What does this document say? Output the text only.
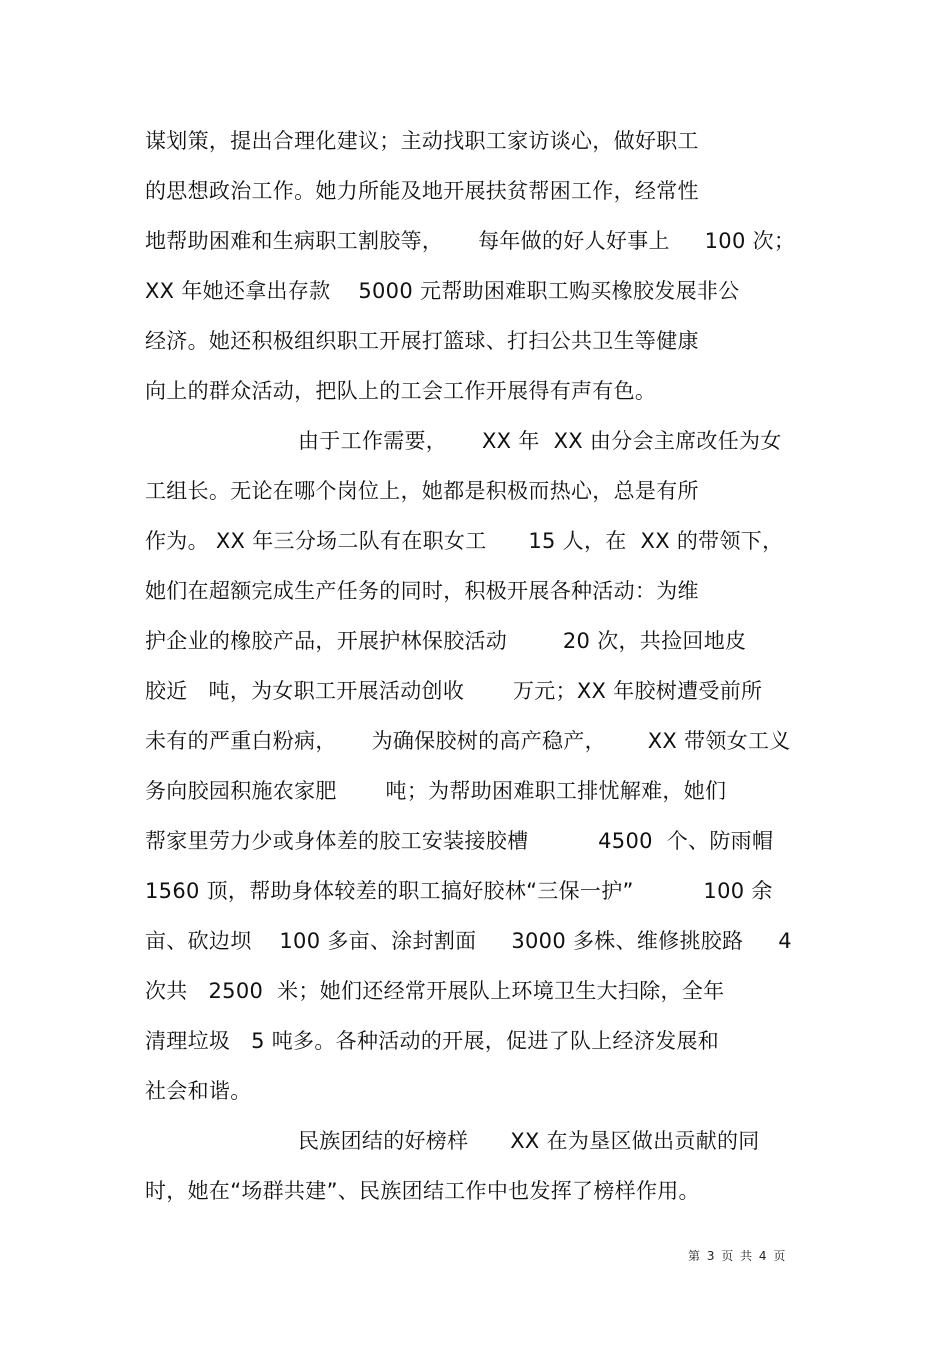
谋划策，提出合理化建议；主动找职工家访谈心，做好职工
的思想政治工作。她力所能及地开展扶贫帮困工作，经常性
地帮助困难和生病职工割胶等，     每年做的好人好事上     100 次；
XX 年她还拿出存款    5000 元帮助困难职工购买橡胶发展非公
经济。她还积极组织职工开展打篮球、打扫公共卫生等健康
向上的群众活动，把队上的工会工作开展得有声有色。
由于工作需要，     XX 年  XX 由分会主席改任为女
工组长。无论在哪个岗位上，她都是积极而热心，总是有所
作为。 XX 年三分场二队有在职女工      15 人，在  XX 的带领下，
她们在超额完成生产任务的同时，积极开展各种活动：为维
护企业的橡胶产品，开展护林保胶活动        20 次，共捡回地皮
胶近   吨，为女职工开展活动创收       万元；XX 年胶树遭受前所
未有的严重白粉病，     为确保胶树的高产稳产，      XX 带领女工义
务向胶园积施农家肥       吨；为帮助困难职工排忧解难，她们
帮家里劳力少或身体差的胶工安装接胶槽          4500  个、防雨帽
1560 顶，帮助身体较差的职工搞好胶林“三保一护”          100 余
亩、砍边坝    100 多亩、涂封割面     3000 多株、维修挑胶路     4
次共   2500  米；她们还经常开展队上环境卫生大扫除，全年
清理垃圾   5 吨多。各种活动的开展，促进了队上经济发展和
社会和谐。
民族团结的好榜样      XX 在为垦区做出贡献的同
时，她在“场群共建”、民族团结工作中也发挥了榜样作用。
第 3 页 共 4 页
